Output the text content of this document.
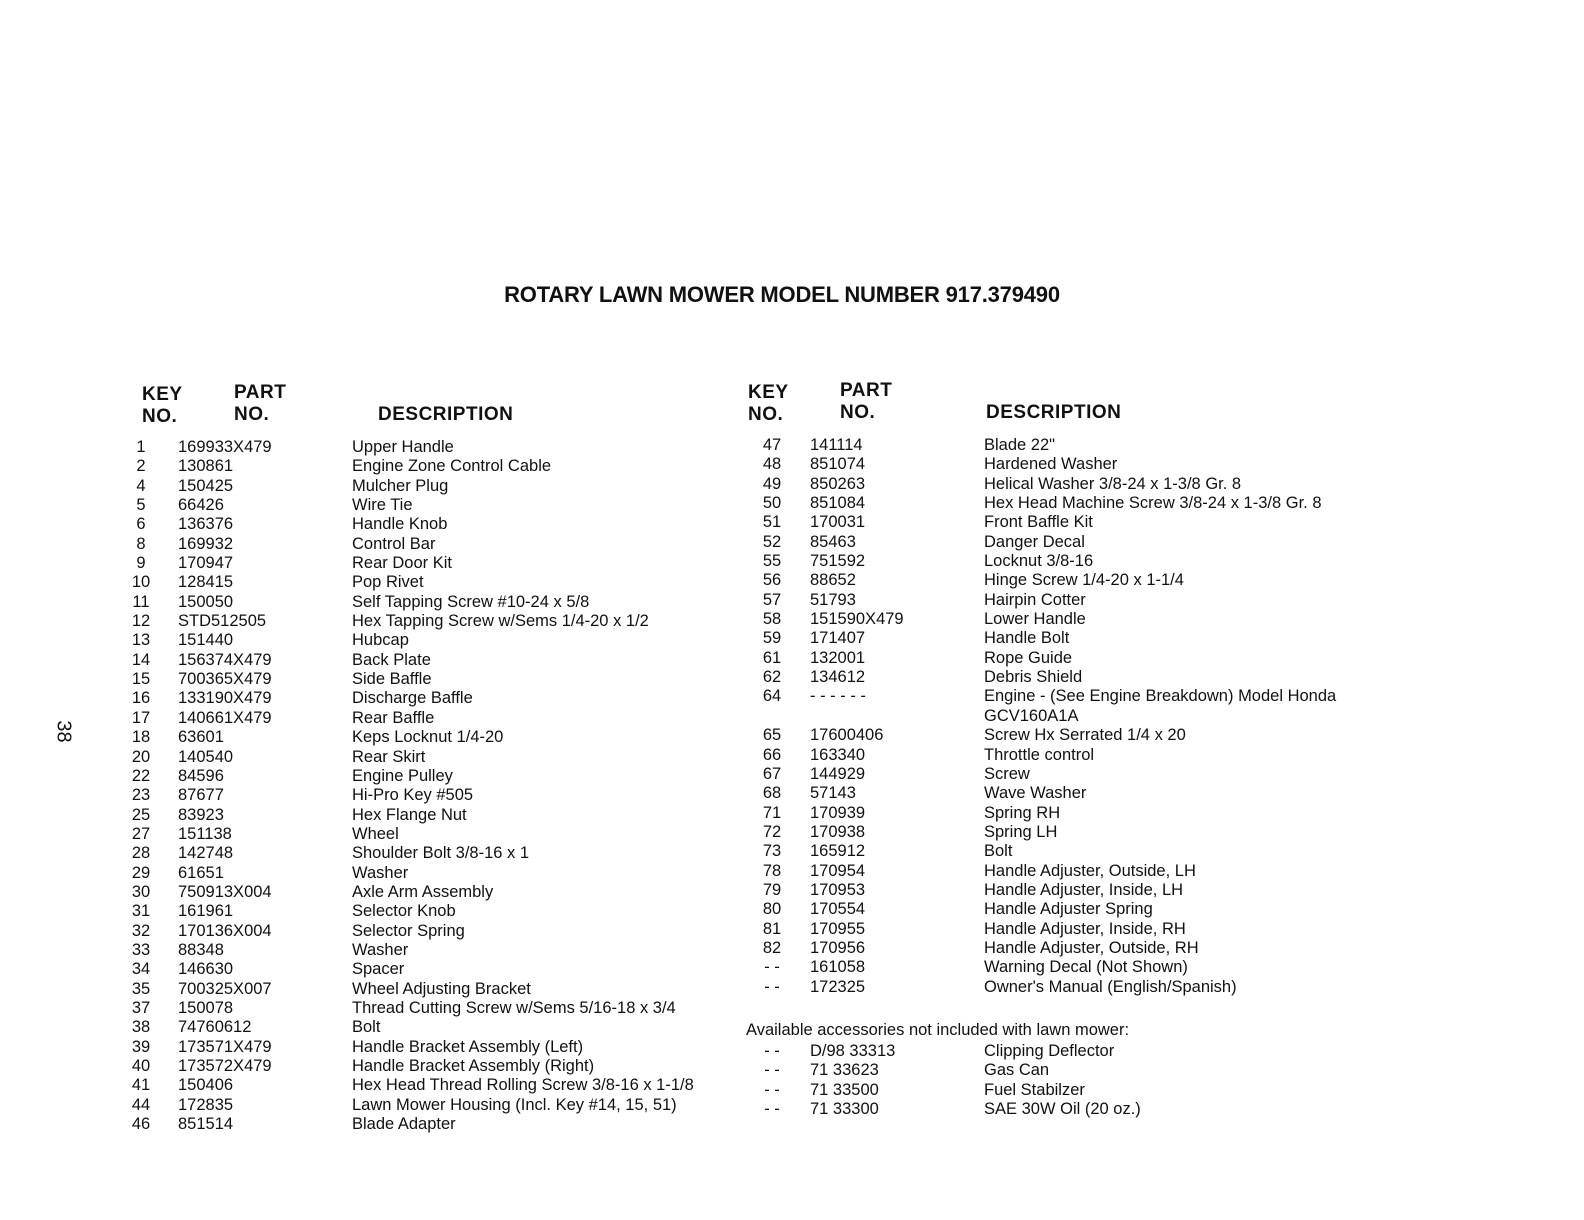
ROTARY LAWN MOWER MODEL NUMBER 917.379490
38
KEY
NO.
PART
NO.	DESCRIPTION
1	169933X479	Upper Handle
2	130861	Engine Zone Control Cable
4	150425	Mulcher Plug
5	66426	Wire Tie
6	136376	Handle Knob
8	169932	Control Bar
9	170947	Rear Door Kit
10 128415	Pop Rivet
11 150050	Self Tapping Screw #10-24 x 5/8
12 STD512505	Hex Tapping Screw w/Sems 1/4-20 x 1/2
13 151440	Hubcap
14 156374X479	Back Plate
15 700365X479	Side Baffle
16 133190X479	Discharge Baffle
17 140661X479	Rear Baffle
18 63601	Keps Locknut 1/4-20
20 140540	Rear Skirt
22 84596	Engine Pulley
23 87677	Hi-Pro Key #505
25 83923	Hex Flange Nut
27 151138	Wheel
28 142748	Shoulder Bolt 3/8-16 x 1
29 61651	Washer
30 750913X004	Axle Arm Assembly
31 161961	Selector Knob
32 170136X004	Selector Spring
33 88348	Washer
34 146630	Spacer
35 700325X007	Wheel Adjusting Bracket
37 150078	Thread Cutting Screw w/Sems 5/16-18 x 3/4
38 74760612	Bolt
39 173571X479	Handle Bracket Assembly (Left)
40 173572X479	Handle Bracket Assembly (Right)
41 150406	Hex Head Thread Rolling Screw 3/8-16 x 1-1/8
44 172835	Lawn Mower Housing (Incl. Key #14, 15, 51)
46 851514	Blade Adapter
KEY
NO.
PART
NO.	DESCRIPTION
47	141114	Blade 22"
48	851074	Hardened Washer
49	850263	Helical Washer 3/8-24 x 1-3/8 Gr. 8
50	851084	Hex Head Machine Screw 3/8-24 x 1-3/8 Gr. 8
51	170031	Front Baffle Kit
52	85463	Danger Decal
55	751592	Locknut 3/8-16
56	88652	Hinge Screw 1/4-20 x 1-1/4
57	51793	Hairpin Cotter
58	151590X479	Lower Handle
59	171407	Handle Bolt
61	132001	Rope Guide
62	134612	Debris Shield
64	- - - - - -	Engine - (See Engine Breakdown) Model Honda GCV160A1A
65	17600406	Screw Hx Serrated 1/4 x 20
66	163340	Throttle control
67	144929	Screw
68	57143	Wave Washer
71	170939	Spring RH
72	170938	Spring LH
73	165912	Bolt
78	170954	Handle Adjuster, Outside, LH
79	170953	Handle Adjuster, Inside, LH
80	170554	Handle Adjuster Spring
81	170955	Handle Adjuster, Inside, RH
82	170956	Handle Adjuster, Outside, RH
- -	161058	Warning Decal (Not Shown)
- -	172325	Owner's Manual (English/Spanish)
Available accessories not included with lawn mower:
- -	D/98 33313	Clipping Deflector
- -	71 33623	Gas Can
- -	71 33500	Fuel Stabilzer
- -	71 33300	SAE 30W Oil (20 oz.)
